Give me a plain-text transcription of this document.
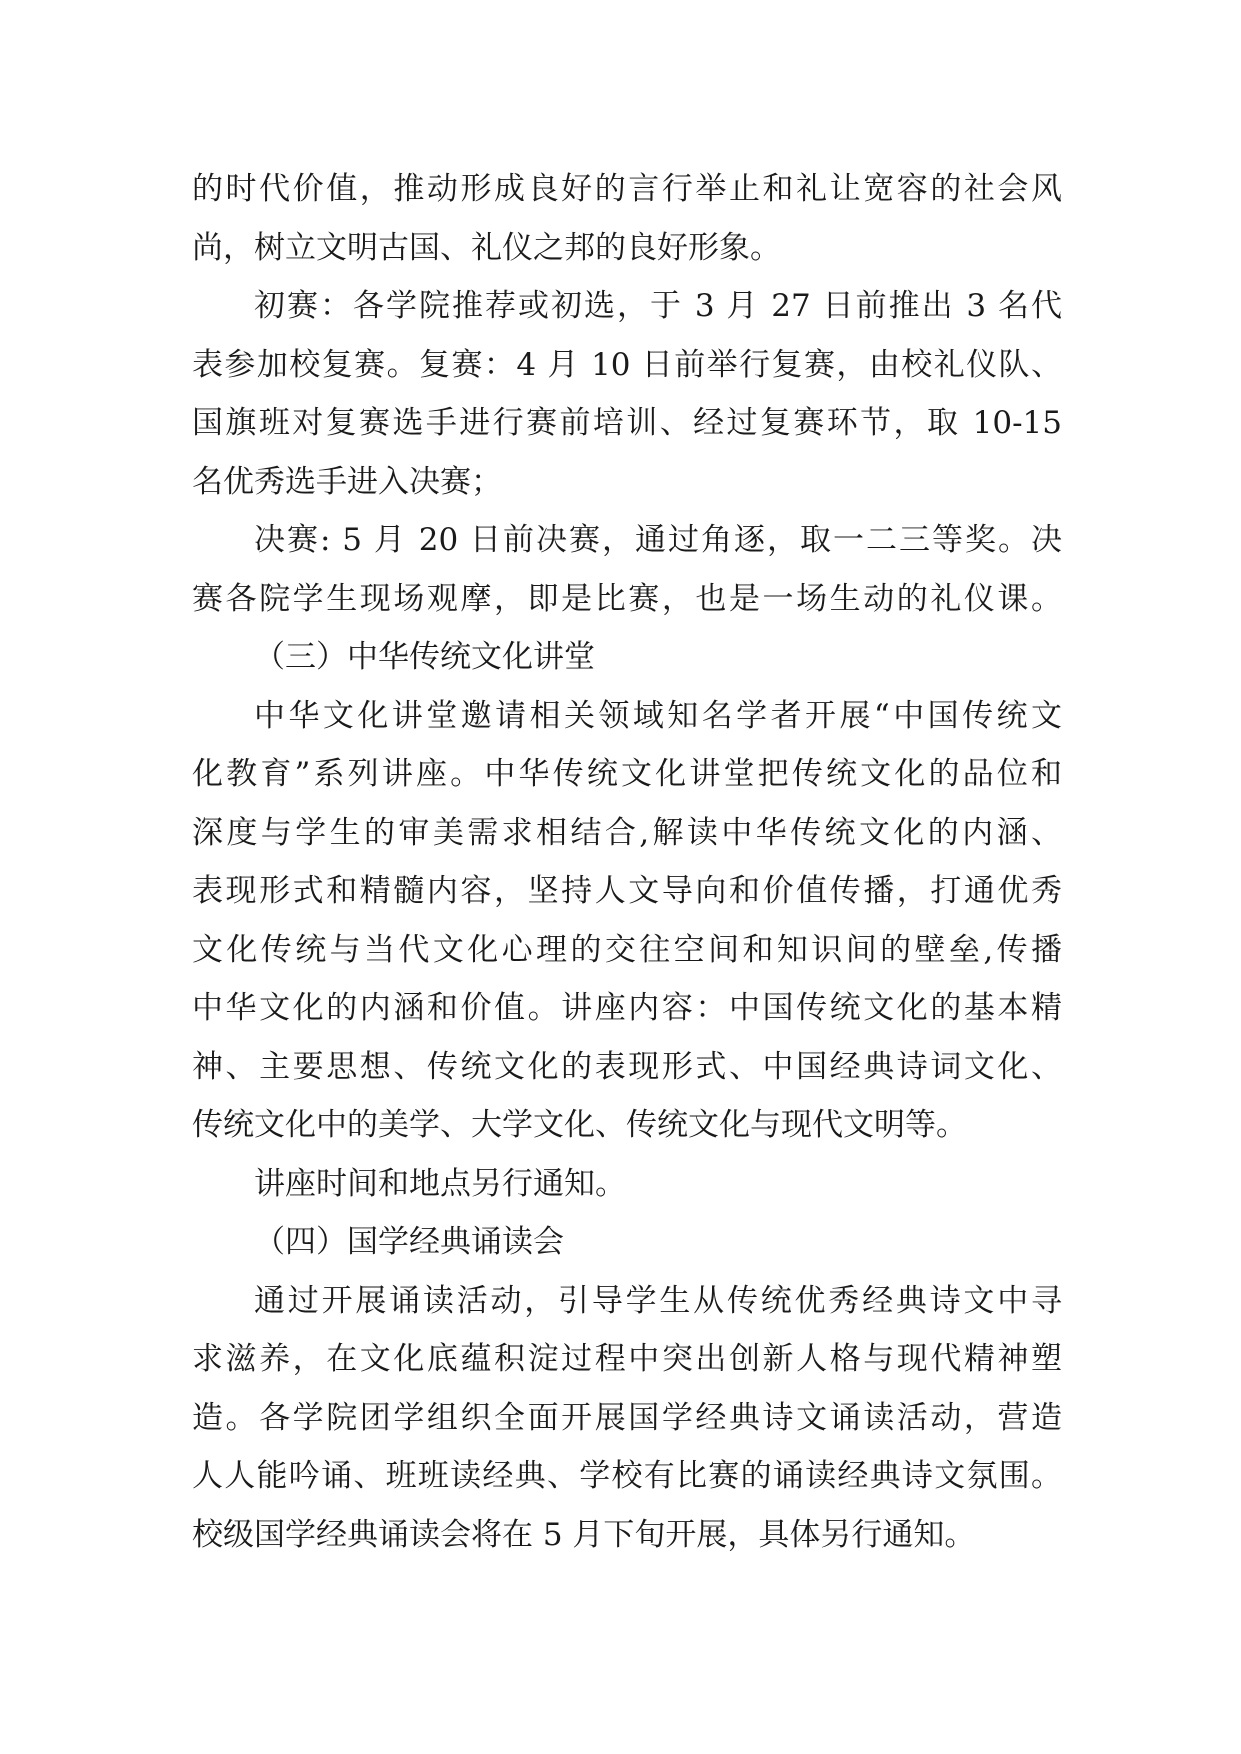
的时代价值，推动形成良好的言行举止和礼让宽容的社会风
尚，树立文明古国、礼仪之邦的良好形象。
初赛：各学院推荐或初选，于 3 月 27 日前推出 3 名代
表参加校复赛。复赛：4 月 10 日前举行复赛，由校礼仪队、
国旗班对复赛选手进行赛前培训、经过复赛环节，取 10-15
名优秀选手进入决赛；
决赛: 5 月 20 日前决赛，通过角逐，取一二三等奖。决
赛各院学生现场观摩，即是比赛，也是一场生动的礼仪课。
（三）中华传统文化讲堂
中华文化讲堂邀请相关领域知名学者开展“中国传统文
化教育”系列讲座。中华传统文化讲堂把传统文化的品位和
深度与学生的审美需求相结合,解读中华传统文化的内涵、
表现形式和精髓内容，坚持人文导向和价值传播，打通优秀
文化传统与当代文化心理的交往空间和知识间的壁垒,传播
中华文化的内涵和价值。讲座内容：中国传统文化的基本精
神、主要思想、传统文化的表现形式、中国经典诗词文化、
传统文化中的美学、大学文化、传统文化与现代文明等。
讲座时间和地点另行通知。
（四）国学经典诵读会
通过开展诵读活动，引导学生从传统优秀经典诗文中寻
求滋养，在文化底蕴积淀过程中突出创新人格与现代精神塑
造。各学院团学组织全面开展国学经典诗文诵读活动，营造
人人能吟诵、班班读经典、学校有比赛的诵读经典诗文氛围。
校级国学经典诵读会将在 5 月下旬开展，具体另行通知。
